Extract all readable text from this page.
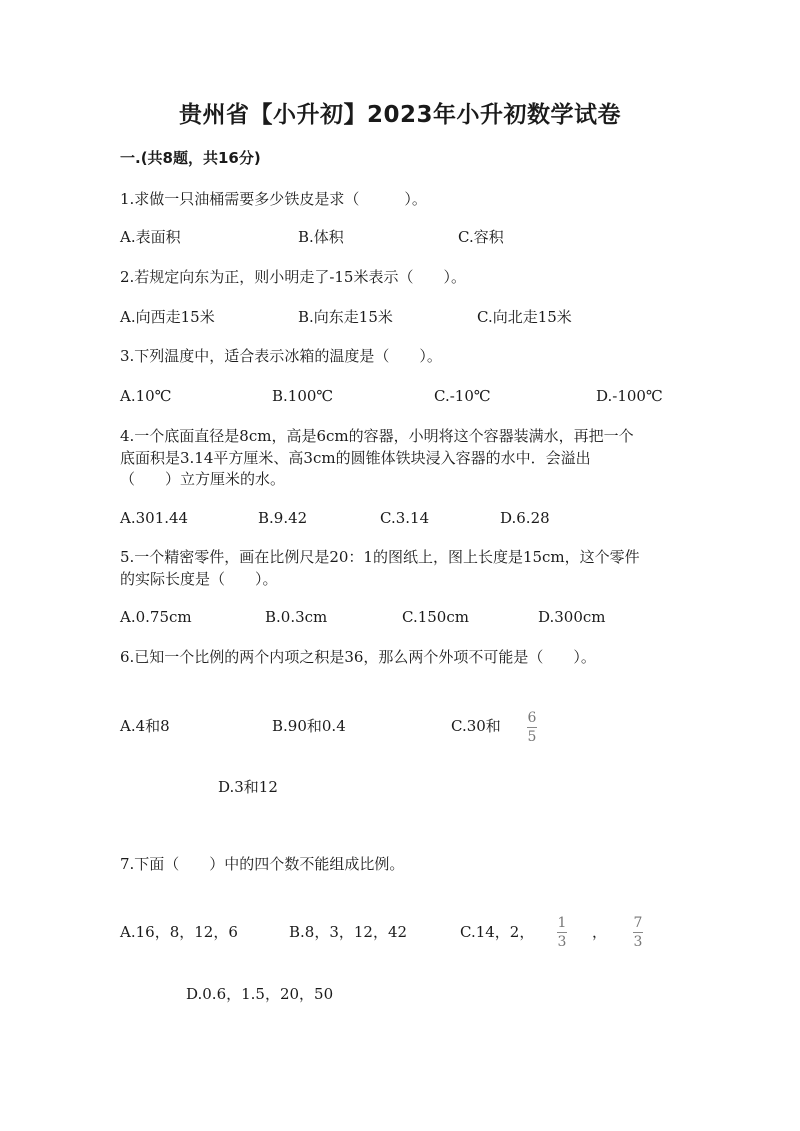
贵州省【小升初】2023年小升初数学试卷
一.(共8题，共16分)
1.求做一只油桶需要多少铁皮是求（　　　）。
A.表面积	B.体积	C.容积
2.若规定向东为正，则小明走了-15米表示（　　）。
A.向西走15米	B.向东走15米	C.向北走15米
3.下列温度中，适合表示冰箱的温度是（　　）。
A.10℃	B.100℃	C.-10℃	D.-100℃
4.一个底面直径是8cm，高是6cm的容器，小明将这个容器装满水，再把一个
底面积是3.14平方厘米、高3cm的圆锥体铁块浸入容器的水中．会溢出
（　　）立方厘米的水。
A.301.44	B.9.42	C.3.14	D.6.28
5.一个精密零件，画在比例尺是20：1的图纸上，图上长度是15cm，这个零件
的实际长度是（　　）。
A.0.75cm	B.0.3cm	C.150cm	D.300cm
6.已知一个比例的两个内项之积是36，那么两个外项不可能是（　　）。
A.4和8	B.90和0.4	C.30和 6
5
D.3和12
7.下面（　　）中的四个数不能组成比例。
A.16，8，12，6	B.8，3，12，42	C.14，2， 1
3
， 7
3
D.0.6，1.5，20，50
